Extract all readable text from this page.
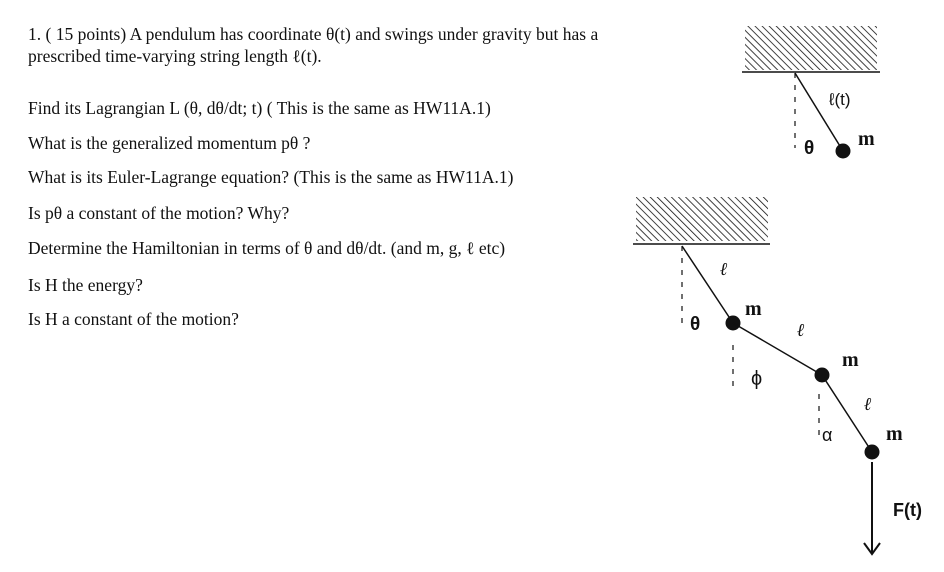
1. ( 15 points) A pendulum has coordinate θ(t) and swings under gravity but has a
prescribed time-varying string length ℓ(t).
Find its Lagrangian L (θ, dθ/dt; t) ( This is the same as HW11A.1)
What is the generalized momentum pθ ?
What is its Euler-Lagrange equation? (This is the same as HW11A.1)
Is pθ a constant of the motion? Why?
Determine the Hamiltonian in terms of θ and dθ/dt. (and m, g, ℓ etc)
Is H the energy?
Is H a constant of the motion?
ℓ(t)
θ m
ℓ
θ
m
ℓ
ϕ
m
ℓ
α	m
F(t)
